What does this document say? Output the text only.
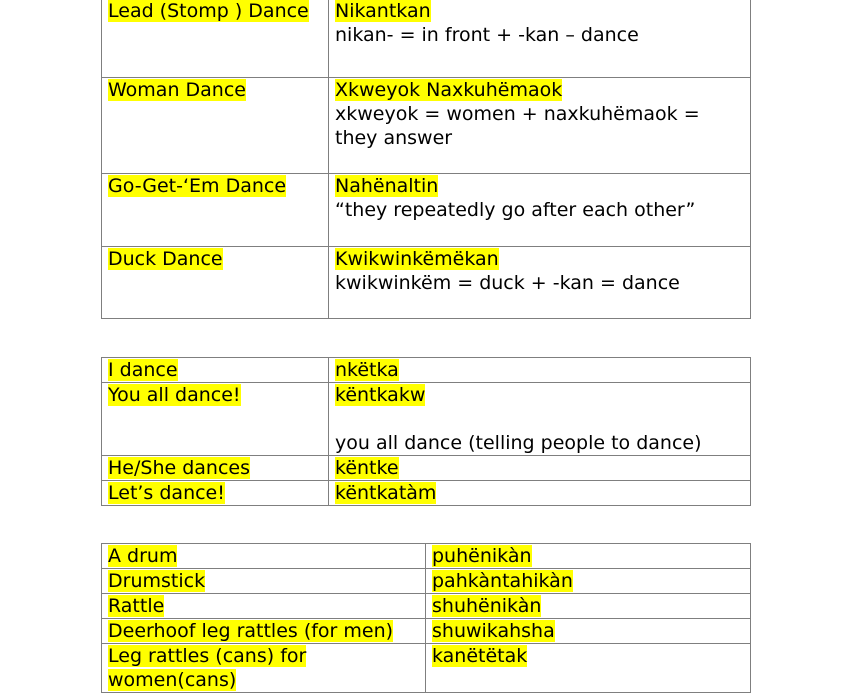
Lead (Stomp ) Dance	Nikantkan
nikan- = in front + -kan – dance

Woman Dance	Xkweyok Naxkuhëmaok
xkweyok = women + naxkuhëmaok =
they answer

Go-Get-‘Em Dance	Nahënaltin
“they repeatedly go after each other”

Duck Dance	Kwikwinkëmëkan
kwikwinkëm = duck + -kan = dance
I dance	nkëtka
You all dance!	këntkakw
you all dance (telling people to dance)

He/She dances	këntke
Let’s dance!	këntkatàm
A drum	puhënikàn
Drumstick	pahkàntahikàn
Rattle	shuhënikàn
Deerhoof leg rattles (for men)	shuwikahsha

Leg rattles (cans) for
women(cans)	kanëtëtak
